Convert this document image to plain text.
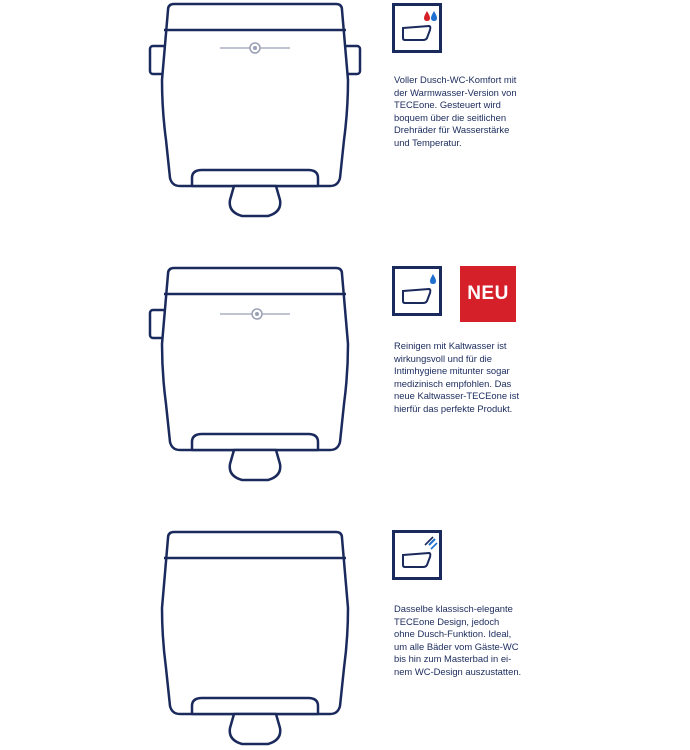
Voller Dusch-WC-Komfort mit
der Warmwasser-Version von
TECEone. Gesteuert wird
boquem über die seitlichen
Drehräder für Wasserstärke
und Temperatur.

NEU

Reinigen mit Kaltwasser ist
wirkungsvoll und für die
Intimhygiene mitunter sogar
medizinisch empfohlen. Das
neue Kaltwasser-TECEone ist
hierfür das perfekte Produkt.

Dasselbe klassisch-elegante
TECEone Design, jedoch
ohne Dusch-Funktion. Ideal,
um alle Bäder vom Gäste-WC
bis hin zum Masterbad in ei-
nem WC-Design auszustatten.
